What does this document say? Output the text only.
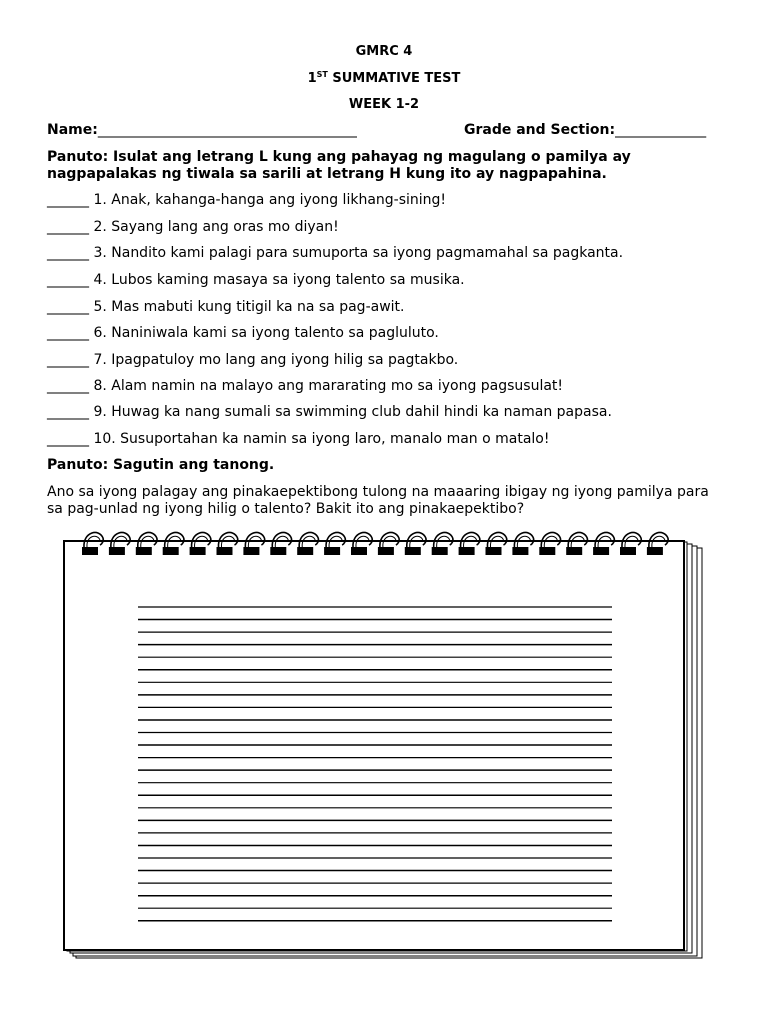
GMRC 4
1ST SUMMATIVE TEST
WEEK 1-2
Name:_____________________________________	Grade and Section:_____________
Panuto: Isulat ang letrang L kung ang pahayag ng magulang o pamilya ay nagpapalakas ng tiwala sa sarili at letrang H kung ito ay nagpapahina.
______ 1. Anak, kahanga-hanga ang iyong likhang-sining!
______ 2. Sayang lang ang oras mo diyan!
______ 3. Nandito kami palagi para sumuporta sa iyong pagmamahal sa pagkanta.
______ 4. Lubos kaming masaya sa iyong talento sa musika.
______ 5. Mas mabuti kung titigil ka na sa pag-awit.
______ 6. Naniniwala kami sa iyong talento sa pagluluto.
______ 7. Ipagpatuloy mo lang ang iyong hilig sa pagtakbo.
______ 8. Alam namin na malayo ang mararating mo sa iyong pagsusulat!
______ 9. Huwag ka nang sumali sa swimming club dahil hindi ka naman papasa.
______ 10. Susuportahan ka namin sa iyong laro, manalo man o matalo!
Panuto: Sagutin ang tanong.
Ano sa iyong palagay ang pinakaepektibong tulong na maaaring ibigay ng iyong pamilya para sa pag-unlad ng iyong hilig o talento? Bakit ito ang pinakaepektibo?
